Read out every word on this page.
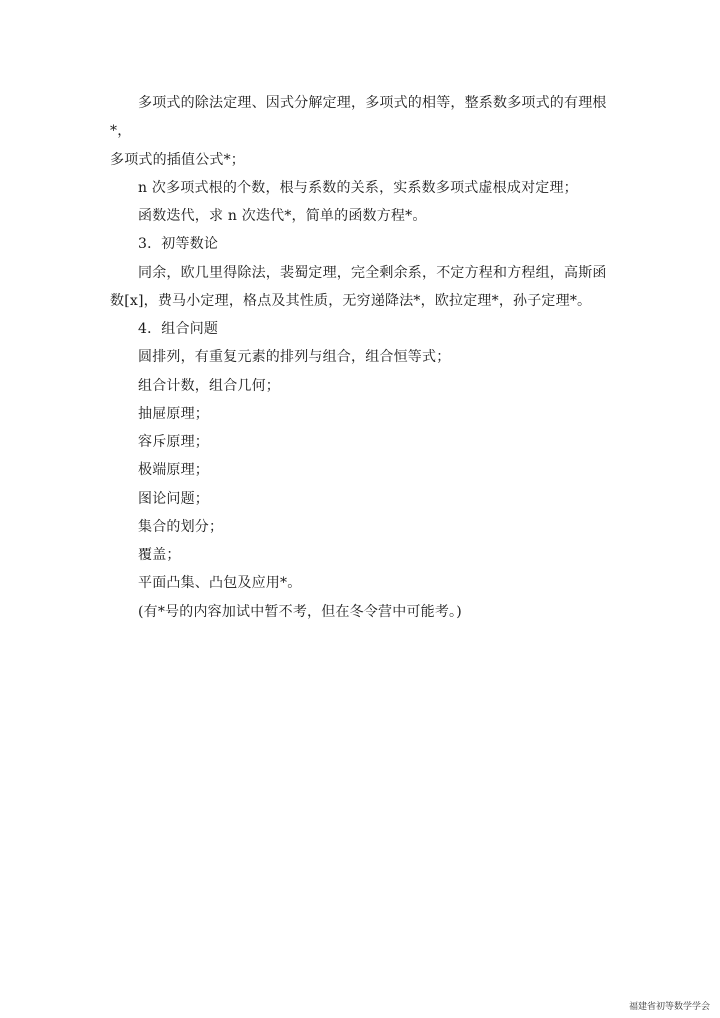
多项式的除法定理、因式分解定理，多项式的相等，整系数多项式的有理根
*，
多项式的插值公式*；
n 次多项式根的个数，根与系数的关系，实系数多项式虚根成对定理；
函数迭代，求 n 次迭代*，简单的函数方程*。
3．初等数论
同余，欧几里得除法，裴蜀定理，完全剩余系，不定方程和方程组，高斯函
数[x]，费马小定理，格点及其性质，无穷递降法*，欧拉定理*，孙子定理*。
4．组合问题
圆排列，有重复元素的排列与组合，组合恒等式；
组合计数，组合几何；
抽屉原理；
容斥原理；
极端原理；
图论问题；
集合的划分；
覆盖；
平面凸集、凸包及应用*。
(有*号的内容加试中暂不考，但在冬令营中可能考。)
福建省初等数学学会
